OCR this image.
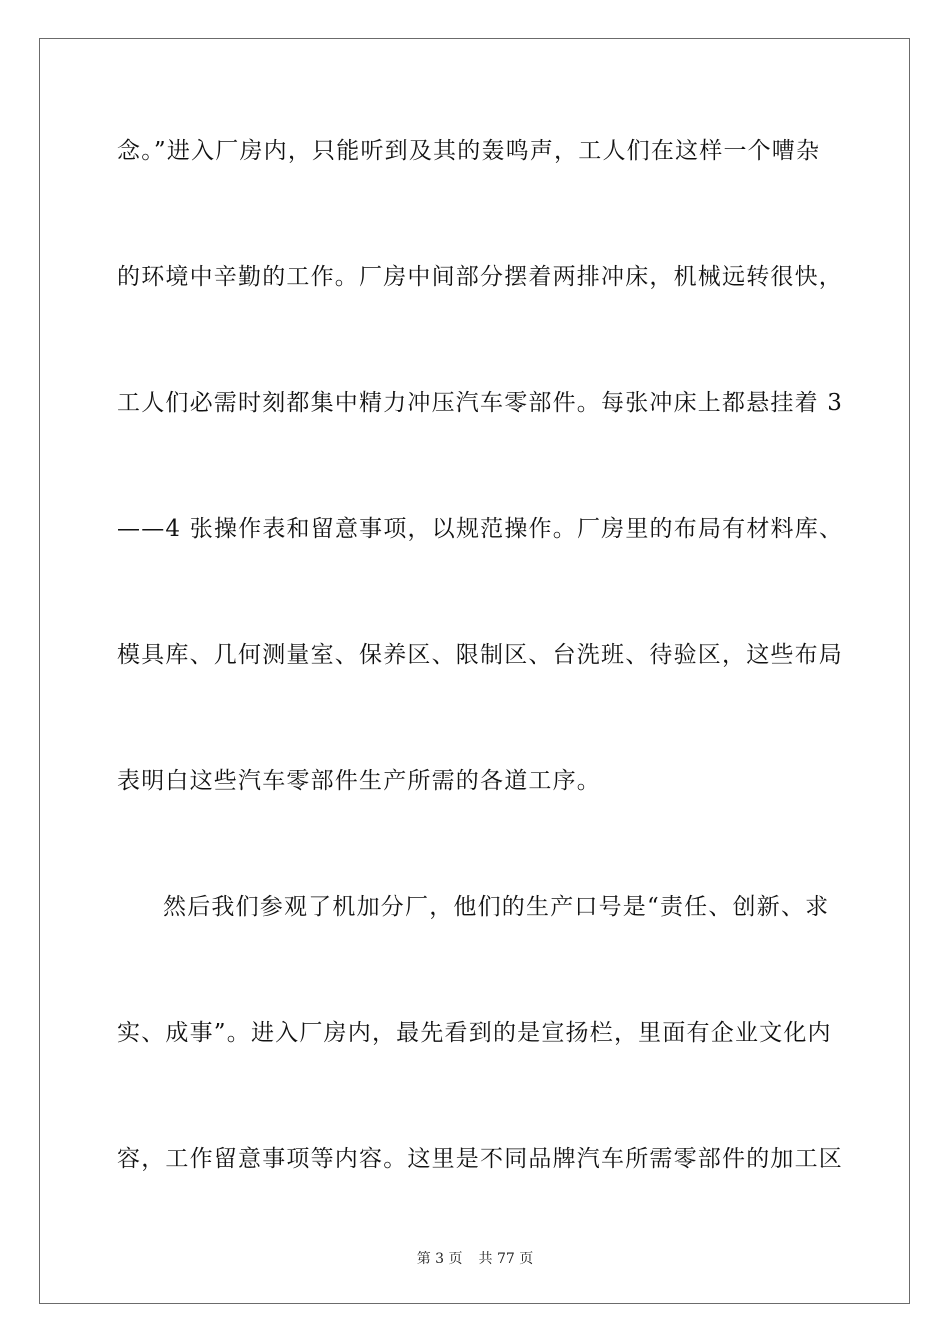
念。”进入厂房内，只能听到及其的轰鸣声，工人们在这样一个嘈杂
的环境中辛勤的工作。厂房中间部分摆着两排冲床，机械远转很快，
工人们必需时刻都集中精力冲压汽车零部件。每张冲床上都悬挂着 3
——4 张操作表和留意事项，以规范操作。厂房里的布局有材料库、
模具库、几何测量室、保养区、限制区、台洗班、待验区，这些布局
表明白这些汽车零部件生产所需的各道工序。
然后我们参观了机加分厂，他们的生产口号是“责任、创新、求
实、成事”。进入厂房内，最先看到的是宣扬栏，里面有企业文化内
容，工作留意事项等内容。这里是不同品牌汽车所需零部件的加工区
第 3 页 共 77 页
